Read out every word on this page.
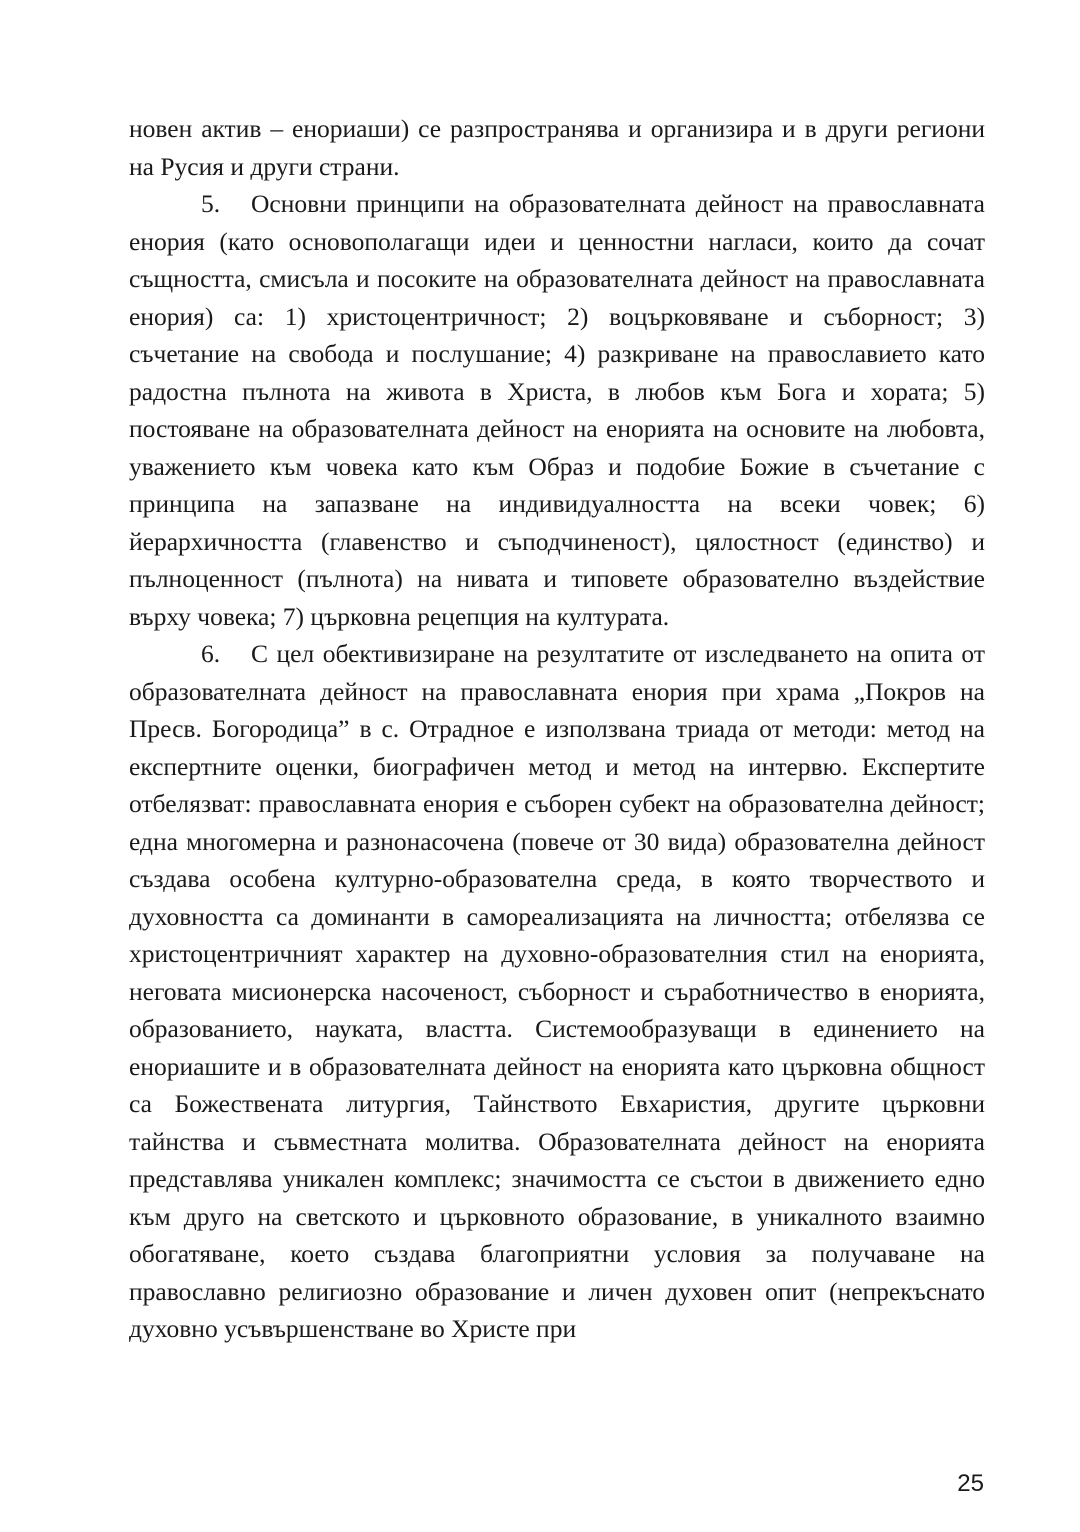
нoвен актив – енориаши) се разпространява и организира и в други региони на Русия и други страни.

5. Основни принципи на образователната дейност на православната енория (като основополагащи идеи и ценностни нагласи, които да сочат същността, смисъла и посоките на образователната дейност на православната енория) са: 1) христоцентричност; 2) воцърковяване и съборност; 3) съчетание на свобода и послушание; 4) разкриване на православието като радостна пълнота на живота в Христа, в любов към Бога и хората; 5) постояване на образователната дейност на енорията на основите на любовта, уважението към човека като към Образ и подобие Божие в съчетание с принципа на запазване на индивидуалността на всеки човек; 6) йерархичността (главенство и съподчиненост), цялостност (единство) и пълноценност (пълнота) на нивата и типовете образователно въздействие върху човека; 7) църковна рецепция на културата.

6. С цел обективизиране на резултатите от изследването на опита от образователната дейност на православната енория при храма „Покров на Пресв. Богородица” в с. Отрадное е използвана триада от методи: метод на експертните оценки, биографичен метод и метод на интервю. Експертите отбелязват: православната енория е съборен субект на образователна дейност; една многомерна и разнонасочена (повече от 30 вида) образователна дейност създава особена културно-образователна среда, в която творчеството и духовността са доминанти в самореализацията на личността; отбелязва се христоцентричният характер на духовно-образователния стил на енорията, неговата мисионерска насоченост, съборност и съработничество в енорията, образованието, науката, властта. Системообразуващи в единението на енориашите и в образователната дейност на енорията като църковна общност са Божествената литургия, Тайнството Евхаристия, другите църковни тайнства и съвместната молитва. Образователната дейност на енорията представлява уникален комплекс; значимостта се състои в движението едно към друго на светското и църковното образование, в уникалното взаимно обогатяване, което създава благоприятни условия за получаване на православно религиозно образование и личен духовен опит (непрекъснато духовно усъвършенстване во Христе при

25
